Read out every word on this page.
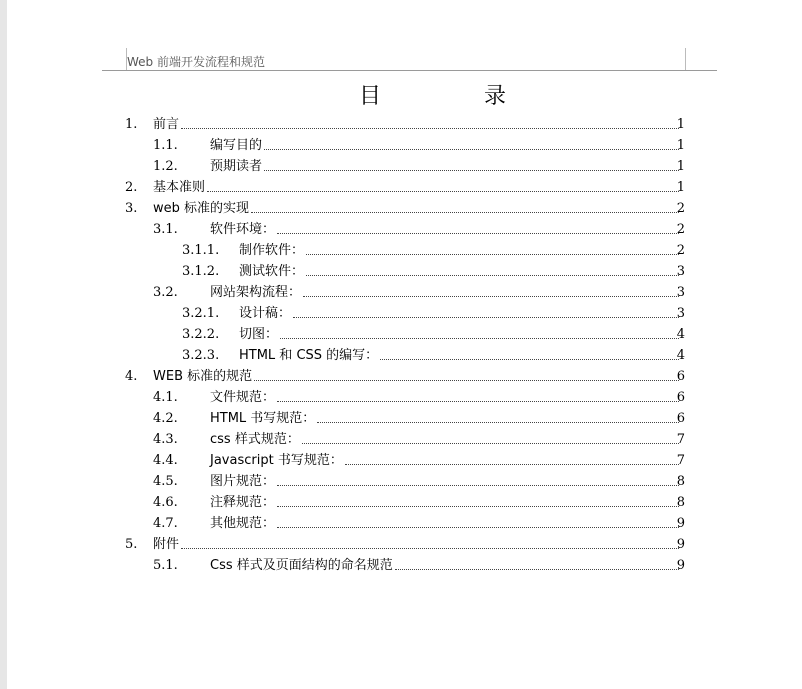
Web 前端开发流程和规范
目 录
1. 前言	1
1.1. 编写目的	1
1.2. 预期读者	1
2. 基本准则	1
3. web 标准的实现	2
3.1. 软件环境：	2
3.1.1. 制作软件：	2
3.1.2. 测试软件：	3
3.2. 网站架构流程：	3
3.2.1. 设计稿：	3
3.2.2. 切图：	4
3.2.3. HTML 和 CSS 的编写：	4
4. WEB 标准的规范	6
4.1. 文件规范：	6
4.2. HTML 书写规范：	6
4.3. css 样式规范：	7
4.4. Javascript 书写规范：	7
4.5. 图片规范：	8
4.6. 注释规范：	8
4.7. 其他规范：	9
5. 附件	9
5.1. Css 样式及页面结构的命名规范	9
